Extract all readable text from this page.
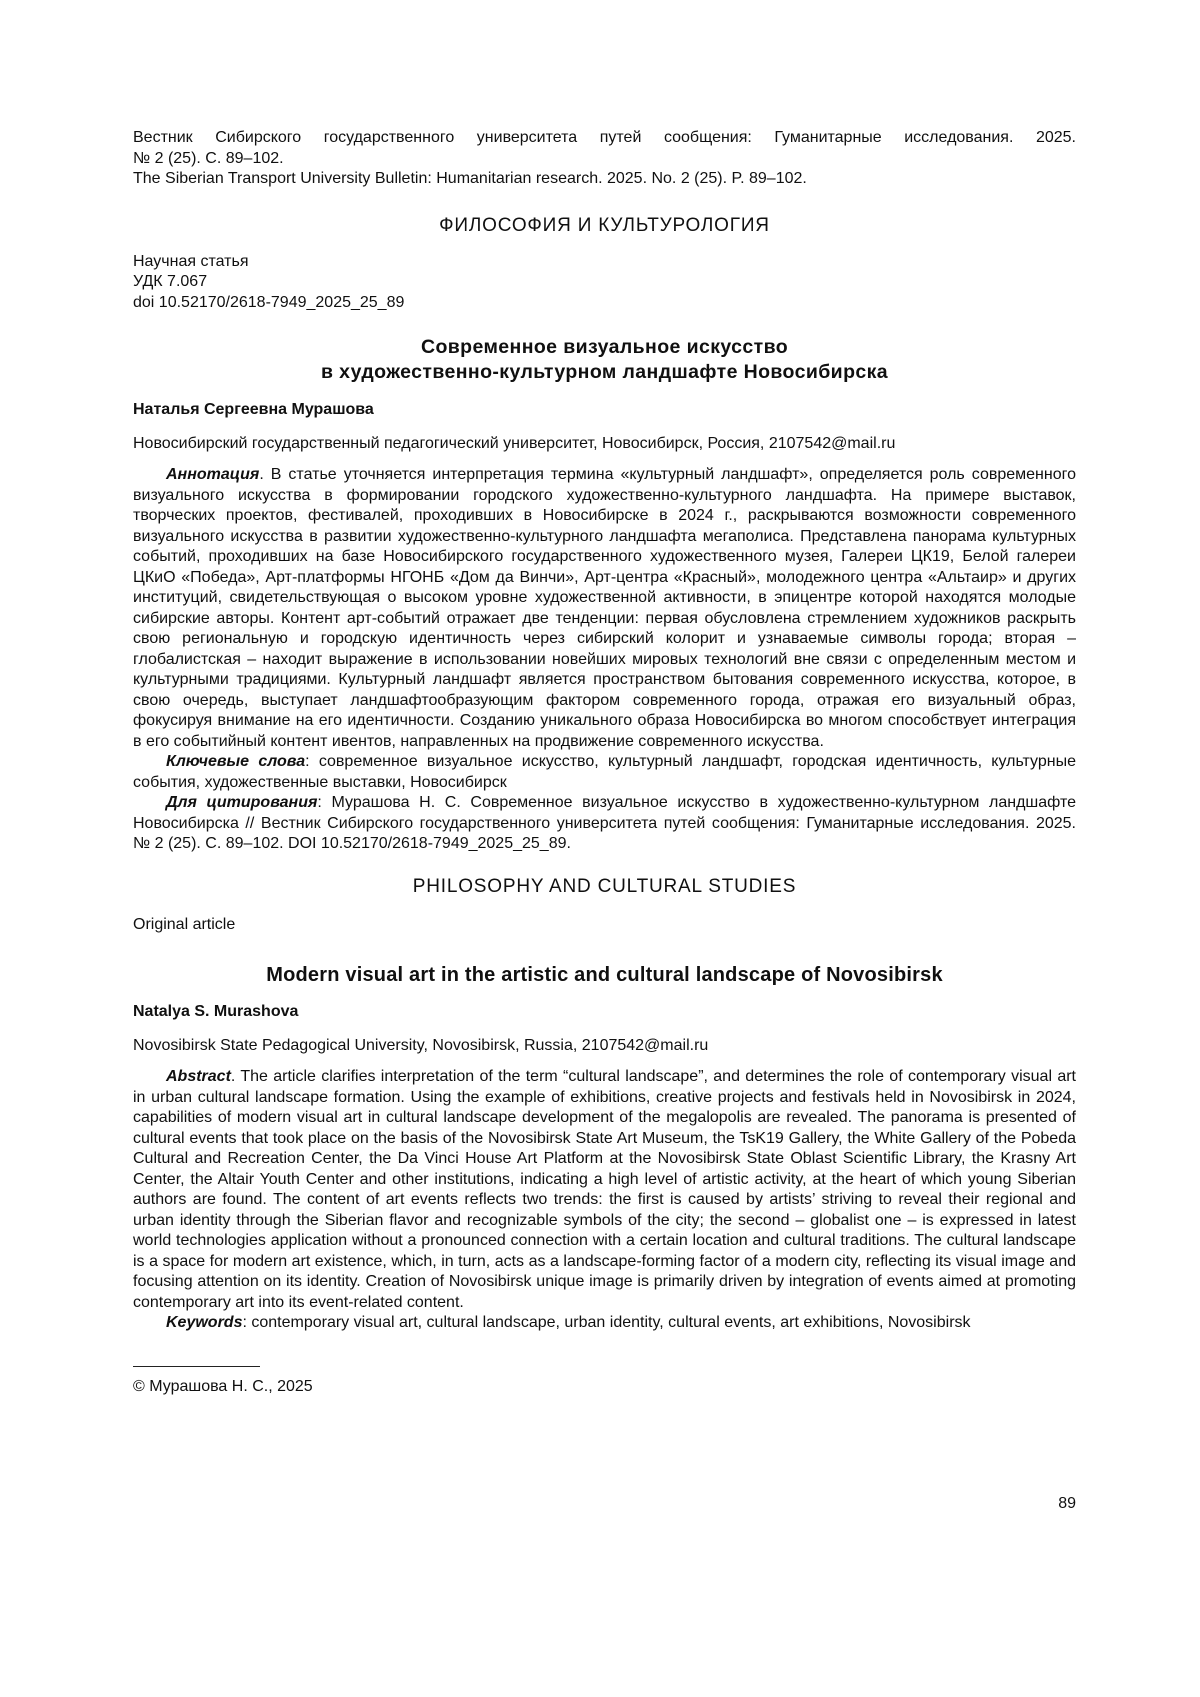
Вестник Сибирского государственного университета путей сообщения: Гуманитарные исследования. 2025.

№ 2 (25). С. 89–102.

The Siberian Transport University Bulletin: Humanitarian research. 2025. No. 2 (25). P. 89–102.

ФИЛОСОФИЯ И КУЛЬТУРОЛОГИЯ

Научная статья

УДК 7.067

doi 10.52170/2618-7949_2025_25_89

Современное визуальное искусство
в художественно-культурном ландшафте Новосибирска

Наталья Сергеевна Мурашова

Новосибирский государственный педагогический университет, Новосибирск, Россия, 2107542@mail.ru

Аннотация. В статье уточняется интерпретация термина «культурный ландшафт», определяется роль современного визуального искусства в формировании городского художественно-культурного ландшафта. На примере выставок, творческих проектов, фестивалей, проходивших в Новосибирске в 2024 г., раскрываются возможности современного визуального искусства в развитии художественно-культурного ландшафта мегаполиса. Представлена панорама культурных событий, проходивших на базе Новосибирского государственного художественного музея, Галереи ЦК19, Белой галереи ЦКиО «Победа», Арт-платформы НГОНБ «Дом да Винчи», Арт-центра «Красный», молодежного центра «Альтаир» и других институций, свидетельствующая о высоком уровне художественной активности, в эпицентре которой находятся молодые сибирские авторы. Контент арт-событий отражает две тенденции: первая обусловлена стремлением художников раскрыть свою региональную и городскую идентичность через сибирский колорит и узнаваемые символы города; вторая – глобалистская – находит выражение в использовании новейших мировых технологий вне связи с определенным местом и культурными традициями. Культурный ландшафт является пространством бытования современного искусства, которое, в свою очередь, выступает ландшафтообразующим фактором современного города, отражая его визуальный образ, фокусируя внимание на его идентичности. Созданию уникального образа Новосибирска во многом способствует интеграция в его событийный контент ивентов, направленных на продвижение современного искусства.

Ключевые слова: современное визуальное искусство, культурный ландшафт, городская идентичность, культурные события, художественные выставки, Новосибирск

Для цитирования: Мурашова Н. С. Современное визуальное искусство в художественно-культурном ландшафте Новосибирска // Вестник Сибирского государственного университета путей сообщения: Гуманитарные исследования. 2025. № 2 (25). С. 89–102. DOI 10.52170/2618-7949_2025_25_89.

PHILOSOPHY AND CULTURAL STUDIES

Original article

Modern visual art in the artistic and cultural landscape of Novosibirsk

Natalya S. Murashova

Novosibirsk State Pedagogical University, Novosibirsk, Russia, 2107542@mail.ru

Abstract. The article clarifies interpretation of the term “cultural landscape”, and determines the role of contemporary visual art in urban cultural landscape formation. Using the example of exhibitions, creative projects and festivals held in Novosibirsk in 2024, capabilities of modern visual art in cultural landscape development of the megalopolis are revealed. The panorama is presented of cultural events that took place on the basis of the Novosibirsk State Art Museum, the TsK19 Gallery, the White Gallery of the Pobeda Cultural and Recreation Center, the Da Vinci House Art Platform at the Novosibirsk State Oblast Scientific Library, the Krasny Art Center, the Altair Youth Center and other institutions, indicating a high level of artistic activity, at the heart of which young Siberian authors are found. The content of art events reflects two trends: the first is caused by artists’ striving to reveal their regional and urban identity through the Siberian flavor and recognizable symbols of the city; the second – globalist one – is expressed in latest world technologies application without a pronounced connection with a certain location and cultural traditions. The cultural landscape is a space for modern art existence, which, in turn, acts as a landscape-forming factor of a modern city, reflecting its visual image and focusing attention on its identity. Creation of Novosibirsk unique image is primarily driven by integration of events aimed at promoting contemporary art into its event-related content.

Keywords: contemporary visual art, cultural landscape, urban identity, cultural events, art exhibitions, Novosibirsk

© Мурашова Н. С., 2025

89
